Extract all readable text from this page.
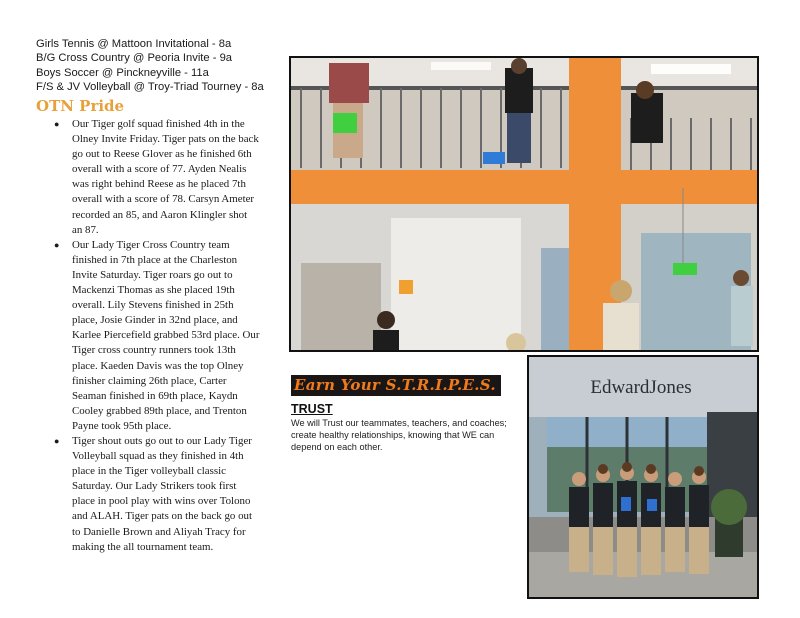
Girls Tennis @ Mattoon Invitational - 8a
B/G Cross Country @ Peoria Invite - 9a
Boys Soccer @ Pinckneyville - 11a
F/S & JV Volleyball @ Troy-Triad Tourney - 8a
OTN Pride
● Our Tiger golf squad finished 4th in the Olney Invite Friday. Tiger pats on the back go out to Reese Glover as he finished 6th overall with a score of 77. Ayden Nealis was right behind Reese as he placed 7th overall with a score of 78. Carsyn Ameter recorded an 85, and Aaron Klingler shot an 87.
● Our Lady Tiger Cross Country team finished in 7th place at the Charleston Invite Saturday. Tiger roars go out to Mackenzi Thomas as she placed 19th overall. Lily Stevens finished in 25th place, Josie Ginder in 32nd place, and Karlee Piercefield grabbed 53rd place. Our Tiger cross country runners took 13th place. Kaeden Davis was the top Olney finisher claiming 26th place, Carter Seaman finished in 69th place, Kaydn Cooley grabbed 89th place, and Trenton Payne took 95th place.
● Tiger shout outs go out to our Lady Tiger Volleyball squad as they finished in 4th place in the Tiger volleyball classic Saturday. Our Lady Strikers took first place in pool play with wins over Tolono and ALAH. Tiger pats on the back go out to Danielle Brown and Aliyah Tracy for making the all tournament team.
Earn Your S.T.R.I.P.E.S.
TRUST
We will Trust our teammates, teachers, and coaches; create healthy relationships, knowing that WE can depend on each other.
EdwardJones
